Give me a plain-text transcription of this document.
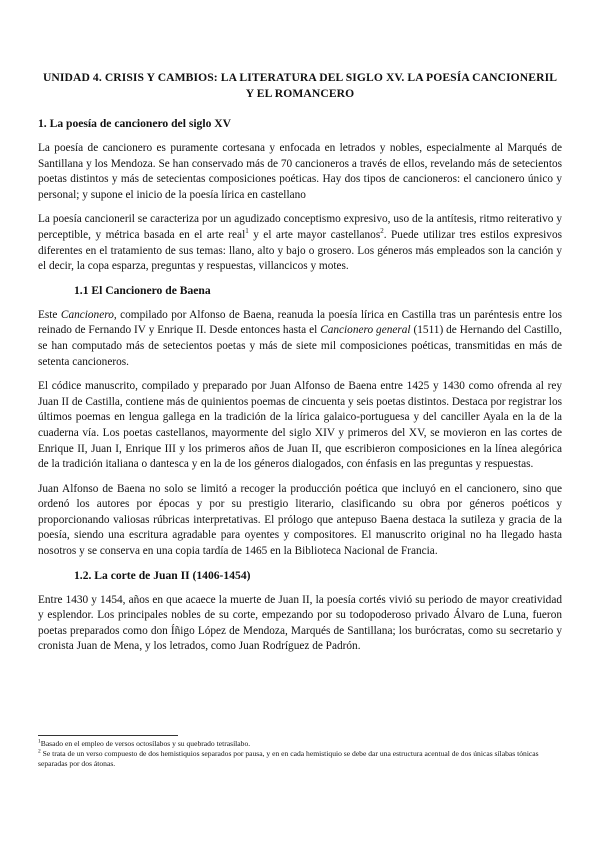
UNIDAD 4. CRISIS Y CAMBIOS: LA LITERATURA DEL SIGLO XV. LA POESÍA CANCIONERIL Y EL ROMANCERO
1. La poesía de cancionero del siglo XV

La poesía de cancionero es puramente cortesana y enfocada en letrados y nobles, especialmente al Marqués de Santillana y los Mendoza. Se han conservado más de 70 cancioneros a través de ellos, revelando más de setecientos poetas distintos y más de setecientas composiciones poéticas. Hay dos tipos de cancioneros: el cancionero único y personal; y supone el inicio de la poesía lírica en castellano

La poesía cancioneril se caracteriza por un agudizado conceptismo expresivo, uso de la antítesis, ritmo reiterativo y perceptible, y métrica basada en el arte real$^1$ y el arte mayor castellanos$^2$. Puede utilizar tres estilos expresivos diferentes en el tratamiento de sus temas: llano, alto y bajo o grosero. Los géneros más empleados son la canción y el decir, la copa esparza, preguntas y respuestas, villancicos y motes.

1.1 El Cancionero de Baena

Este Cancionero, compilado por Alfonso de Baena, reanuda la poesía lírica en Castilla tras un paréntesis entre los reinado de Fernando IV y Enrique II. Desde entonces hasta el Cancionero general (1511) de Hernando del Castillo, se han computado más de setecientos poetas y más de siete mil composiciones poéticas, transmitidas en más de setenta cancioneros.

El códice manuscrito, compilado y preparado por Juan Alfonso de Baena entre 1425 y 1430 como ofrenda al rey Juan II de Castilla, contiene más de quinientos poemas de cincuenta y seis poetas distintos. Destaca por registrar los últimos poemas en lengua gallega en la tradición de la lírica galaico-portuguesa y del canciller Ayala en la de la cuaderna vía. Los poetas castellanos, mayormente del siglo XIV y primeros del XV, se movieron en las cortes de Enrique II, Juan I, Enrique III y los primeros años de Juan II, que escribieron composiciones en la línea alegórica de la tradición italiana o dantesca y en la de los géneros dialogados, con énfasis en las preguntas y respuestas.

Juan Alfonso de Baena no solo se limitó a recoger la producción poética que incluyó en el cancionero, sino que ordenó los autores por épocas y por su prestigio literario, clasificando su obra por géneros poéticos y proporcionando valiosas rúbricas interpretativas. El prólogo que antepuso Baena destaca la sutileza y gracia de la poesía, siendo una escritura agradable para oyentes y compositores. El manuscrito original no ha llegado hasta nosotros y se conserva en una copia tardía de 1465 en la Biblioteca Nacional de Francia.

1.2. La corte de Juan II (1406-1454)

Entre 1430 y 1454, años en que acaece la muerte de Juan II, la poesía cortés vivió su periodo de mayor creatividad y esplendor. Los principales nobles de su corte, empezando por su todopoderoso privado Álvaro de Luna, fueron poetas preparados como don Íñigo López de Mendoza, Marqués de Santillana; los burócratas, como su secretario y cronista Juan de Mena, y los letrados, como Juan Rodríguez de Padrón.

$^1$Basado en el empleo de versos octosílabos y su quebrado tetrasílabo.

$^2$ Se trata de un verso compuesto de dos hemistiquios separados por pausa, y en en cada hemistiquio se debe dar una estructura acentual de dos únicas sílabas tónicas separadas por dos átonas.
